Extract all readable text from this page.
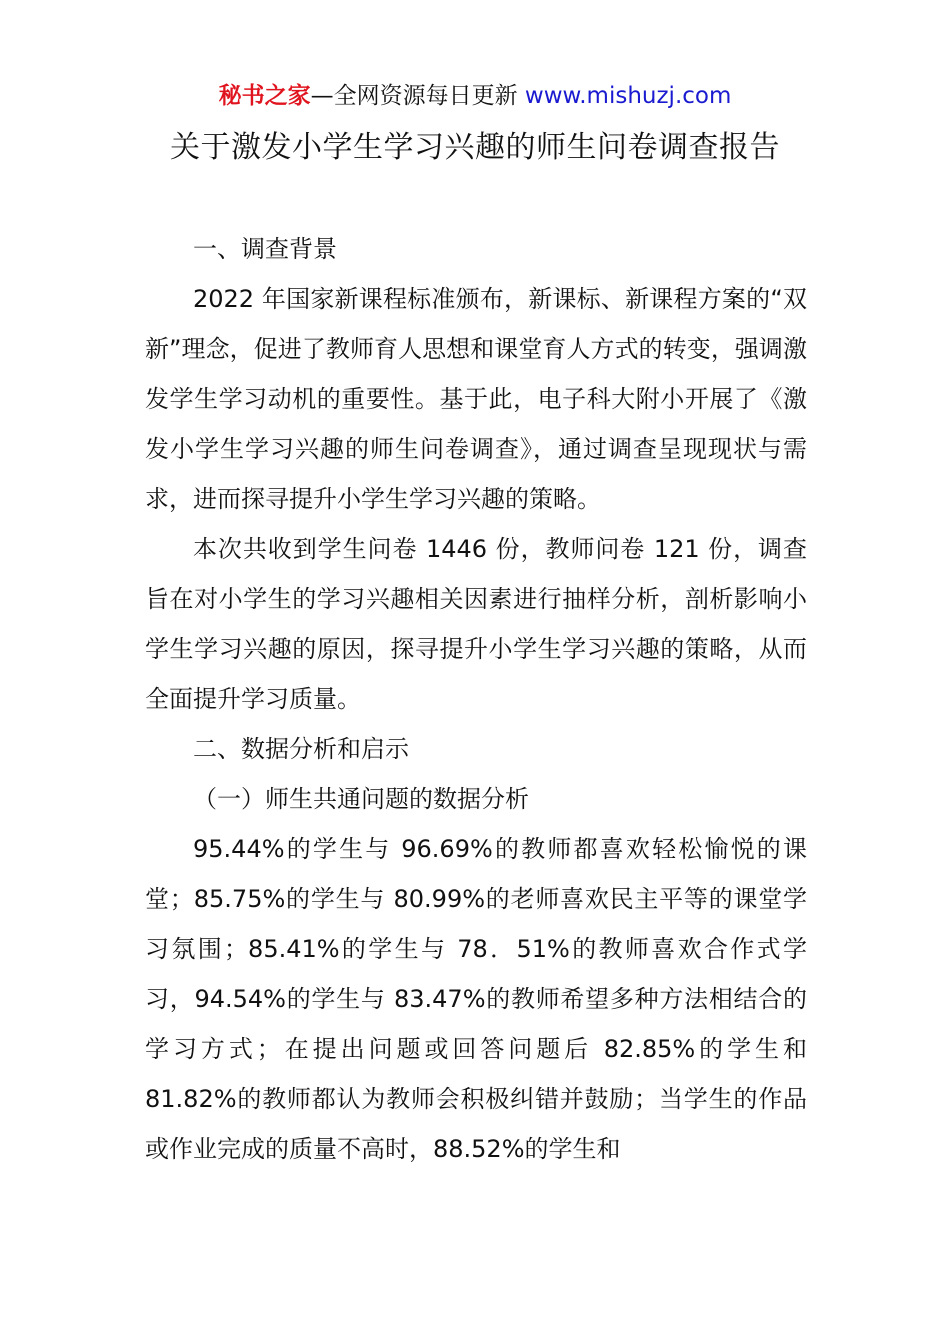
秘书之家—全网资源每日更新 www.mishuzj.com
关于激发小学生学习兴趣的师生问卷调查报告

一、调查背景

2022 年国家新课程标准颁布，新课标、新课程方案的“双新”理念，促进了教师育人思想和课堂育人方式的转变，强调激发学生学习动机的重要性。基于此，电子科大附小开展了《激发小学生学习兴趣的师生问卷调查》，通过调查呈现现状与需求，进而探寻提升小学生学习兴趣的策略。

本次共收到学生问卷 1446 份，教师问卷 121 份，调查旨在对小学生的学习兴趣相关因素进行抽样分析，剖析影响小学生学习兴趣的原因，探寻提升小学生学习兴趣的策略，从而全面提升学习质量。

二、数据分析和启示

（一）师生共通问题的数据分析

95.44%的学生与 96.69%的教师都喜欢轻松愉悦的课堂；85.75%的学生与 80.99%的老师喜欢民主平等的课堂学习氛围；85.41%的学生与 78．51%的教师喜欢合作式学习，94.54%的学生与 83.47%的教师希望多种方法相结合的学习方式；在提出问题或回答问题后 82.85%的学生和 81.82%的教师都认为教师会积极纠错并鼓励；当学生的作品或作业完成的质量不高时，88.52%的学生和
